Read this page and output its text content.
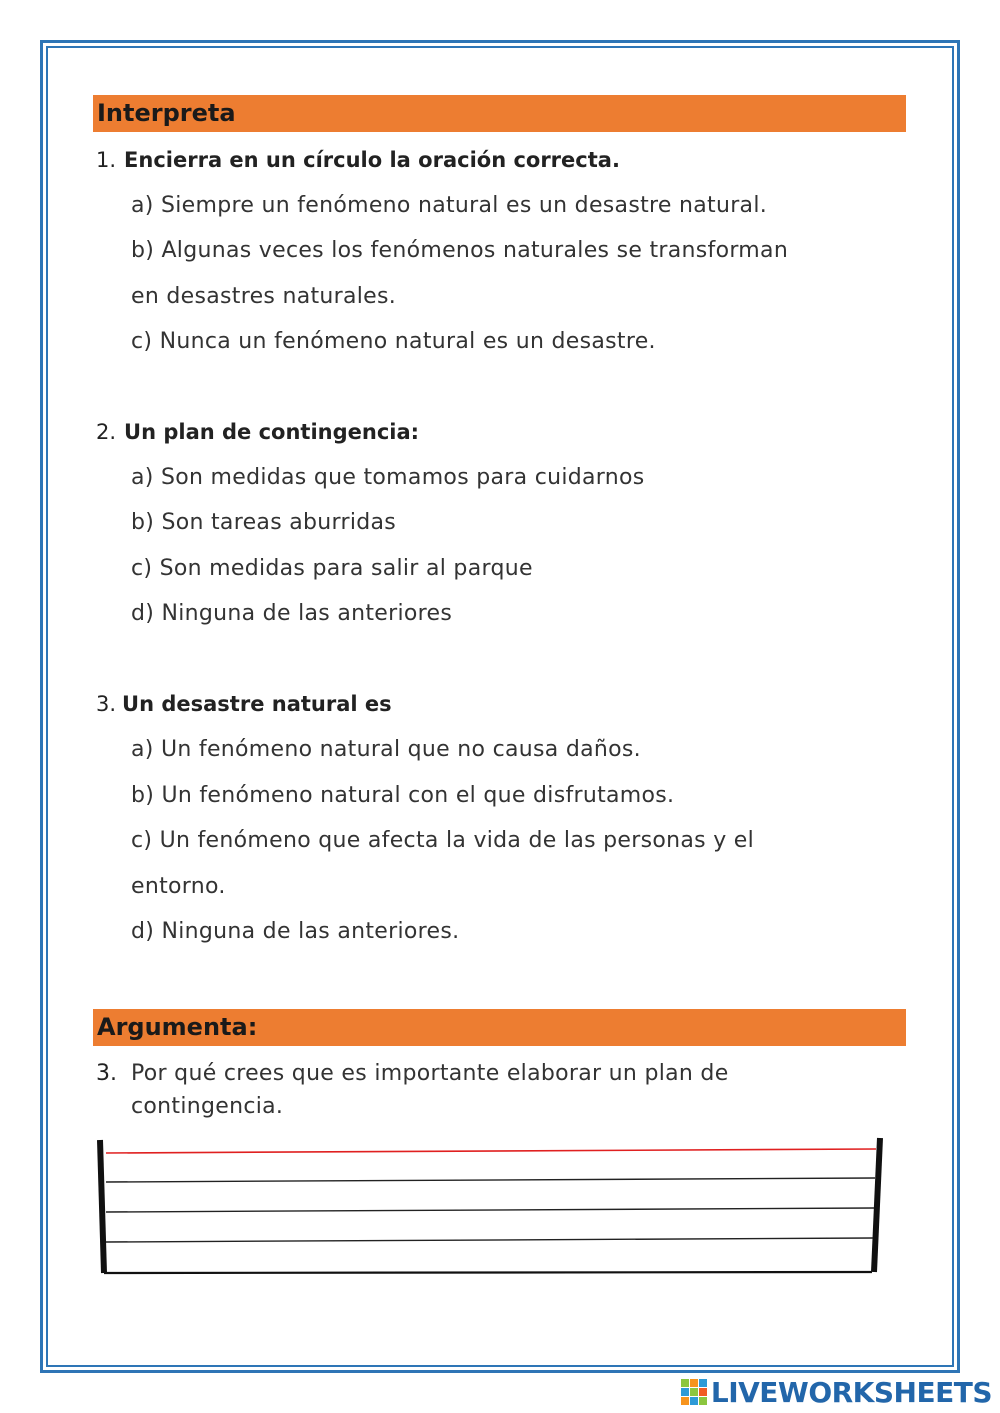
Interpreta
1. Encierra en un círculo la oración correcta.
a) Siempre un fenómeno natural es un desastre natural.
b) Algunas veces los fenómenos naturales se transforman
en desastres naturales.
c) Nunca un fenómeno natural es un desastre.
2. Un plan de contingencia:
a) Son medidas que tomamos para cuidarnos
b) Son tareas aburridas
c) Son medidas para salir al parque
d) Ninguna de las anteriores
3. Un desastre natural es
a) Un fenómeno natural que no causa daños.
b) Un fenómeno natural con el que disfrutamos.
c) Un fenómeno que afecta la vida de las personas y el
entorno.
d) Ninguna de las anteriores.
Argumenta:
3. Por qué crees que es importante elaborar un plan de
contingencia.
LIVEWORKSHEETS
